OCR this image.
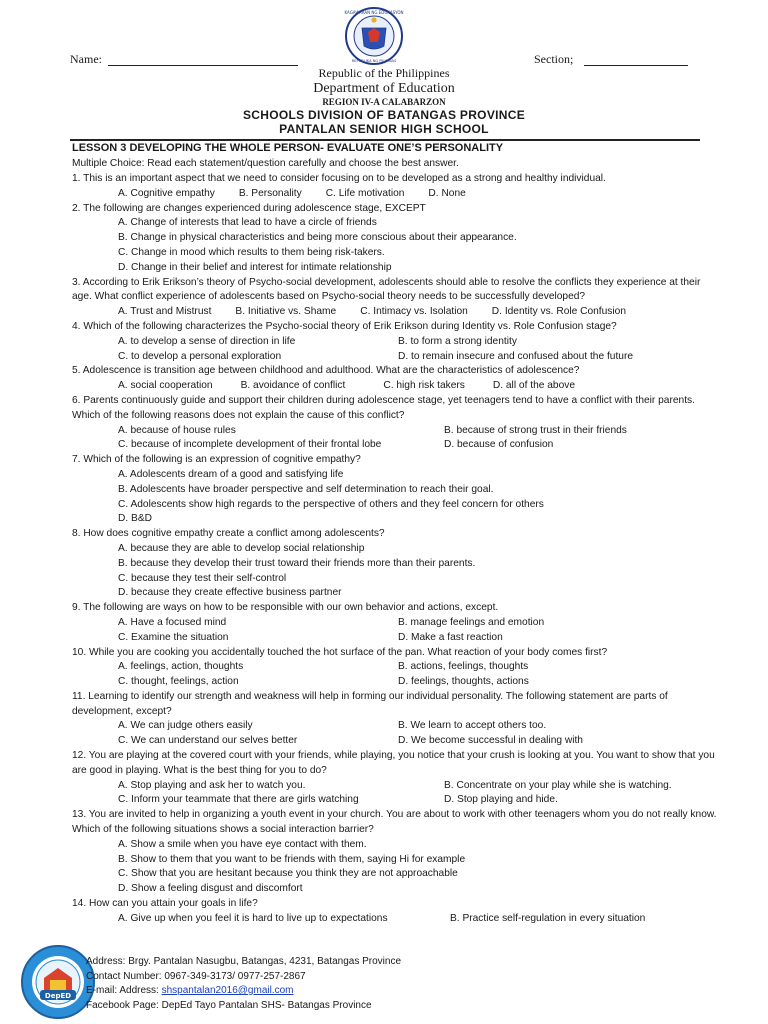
KAGAWARAN NG EDUKASYON
REPUBLIKA NG PILIPINAS
Name:	Section;
Republic of the Philippines
Department of Education
REGION IV-A CALABARZON
SCHOOLS DIVISION OF BATANGAS PROVINCE
PANTALAN SENIOR HIGH SCHOOL
LESSON 3 DEVELOPING THE WHOLE PERSON- EVALUATE ONE’S PERSONALITY
Multiple Choice: Read each statement/question carefully and choose the best answer.
1. This is an important aspect that we need to consider focusing on to be developed as a strong and healthy individual.
A. Cognitive empathy B. Personality C. Life motivation D. None
2. The following are changes experienced during adolescence stage, EXCEPT
A. Change of interests that lead to have a circle of friends
B. Change in physical characteristics and being more conscious about their appearance.
C. Change in mood which results to them being risk-takers.
D. Change in their belief and interest for intimate relationship
3. According to Erik Erikson’s theory of Psycho-social development, adolescents should able to resolve the conflicts they experience at their age. What conflict experience of adolescents based on Psycho-social theory needs to be successfully developed?
A. Trust and Mistrust B. Initiative vs. Shame C. Intimacy vs. Isolation D. Identity vs. Role Confusion
4. Which of the following characterizes the Psycho-social theory of Erik Erikson during Identity vs. Role Confusion stage?
A. to develop a sense of direction in life	B. to form a strong identity
C. to develop a personal exploration	D. to remain insecure and confused about the future
5. Adolescence is transition age between childhood and adulthood. What are the characteristics of adolescence?
A. social cooperation	B. avoidance of conflict	C. high risk takers	D. all of the above
6. Parents continuously guide and support their children during adolescence stage, yet teenagers tend to have a conflict with their parents. Which of the following reasons does not explain the cause of this conflict?
A. because of house rules	B. because of strong trust in their friends
C. because of incomplete development of their frontal lobe	D. because of confusion
7. Which of the following is an expression of cognitive empathy?
A. Adolescents dream of a good and satisfying life
B. Adolescents have broader perspective and self determination to reach their goal.
C. Adolescents show high regards to the perspective of others and they feel concern for others
D. B&D
8. How does cognitive empathy create a conflict among adolescents?
A. because they are able to develop social relationship
B. because they develop their trust toward their friends more than their parents.
C. because they test their self-control
D. because they create effective business partner
9. The following are ways on how to be responsible with our own behavior and actions, except.
A. Have a focused mind	B. manage feelings and emotion
C. Examine the situation	D. Make a fast reaction
10. While you are cooking you accidentally touched the hot surface of the pan. What reaction of your body comes first?
A. feelings, action, thoughts	B. actions, feelings, thoughts
C. thought, feelings, action	D. feelings, thoughts, actions
11. Learning to identify our strength and weakness will help in forming our individual personality. The following statement are parts of development, except?
A. We can judge others easily	B. We learn to accept others too.
C. We can understand our selves better	D. We become successful in dealing with
12. You are playing at the covered court with your friends, while playing, you notice that your crush is looking at you. You want to show that you are good in playing. What is the best thing for you to do?
A. Stop playing and ask her to watch you.	B. Concentrate on your play while she is watching.
C. Inform your teammate that there are girls watching	D. Stop playing and hide.
13. You are invited to help in organizing a youth event in your church. You are about to work with other teenagers whom you do not really know. Which of the following situations shows a social interaction barrier?
A. Show a smile when you have eye contact with them.
B. Show to them that you want to be friends with them, saying Hi for example
C. Show that you are hesitant because you think they are not approachable
D. Show a feeling disgust and discomfort
14. How can you attain your goals in life?
A. Give up when you feel it is hard to live up to expectations	B. Practice self-regulation in every situation
DepED
Address: Brgy. Pantalan Nasugbu, Batangas, 4231, Batangas Province
Contact Number: 0967-349-3173/ 0977-257-2867
E-mail: Address: shspantalan2016@gmail.com
Facebook Page: DepEd Tayo Pantalan SHS- Batangas Province
